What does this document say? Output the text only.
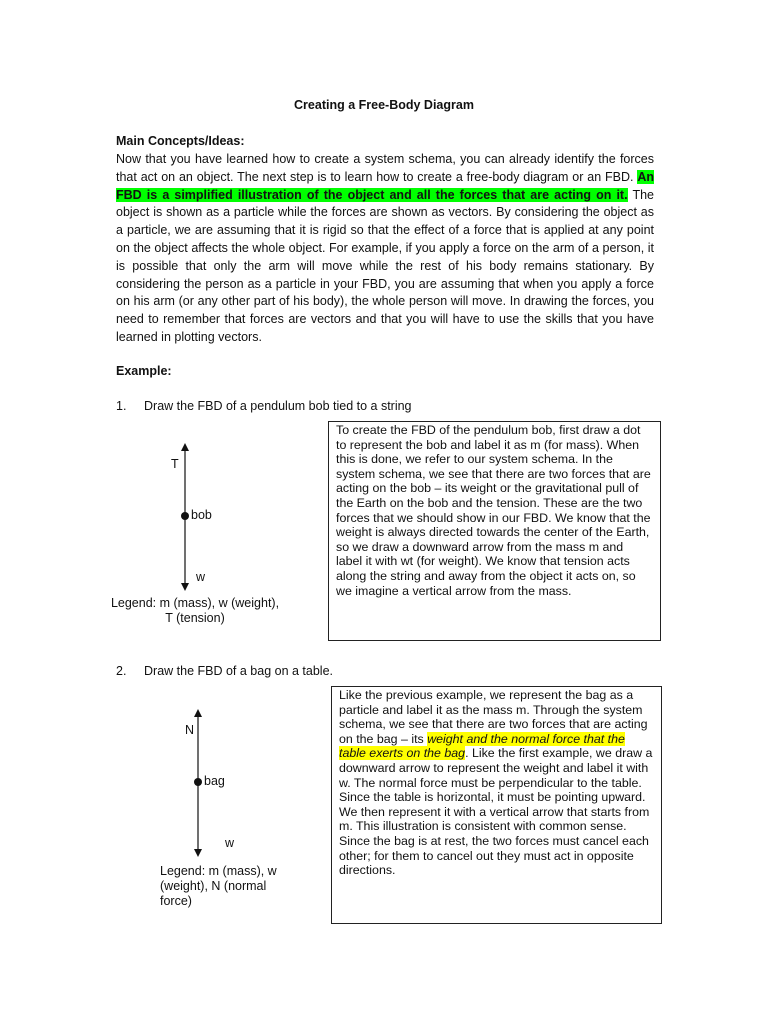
Creating a Free-Body Diagram
Main Concepts/Ideas:
Now that you have learned how to create a system schema, you can already identify the forces that act on an object. The next step is to learn how to create a free-body diagram or an FBD. An FBD is a simplified illustration of the object and all the forces that are acting on it. The object is shown as a particle while the forces are shown as vectors. By considering the object as a particle, we are assuming that it is rigid so that the effect of a force that is applied at any point on the object affects the whole object. For example, if you apply a force on the arm of a person, it is possible that only the arm will move while the rest of his body remains stationary. By considering the person as a particle in your FBD, you are assuming that when you apply a force on his arm (or any other part of his body), the whole person will move. In drawing the forces, you need to remember that forces are vectors and that you will have to use the skills that you have learned in plotting vectors.
Example:
1. Draw the FBD of a pendulum bob tied to a string
T
bob
w
Legend: m (mass), w (weight),
T (tension)
To create the FBD of the pendulum bob, first draw a dot to represent the bob and label it as m (for mass). When this is done, we refer to our system schema. In the system schema, we see that there are two forces that are acting on the bob – its weight or the gravitational pull of the Earth on the bob and the tension. These are the two forces that we should show in our FBD. We know that the weight is always directed towards the center of the Earth, so we draw a downward arrow from the mass m and label it with wt (for weight). We know that tension acts along the string and away from the object it acts on, so we imagine a vertical arrow from the mass.
2. Draw the FBD of a bag on a table.
N
bag
w
Legend: m (mass), w (weight), N (normal force)
Like the previous example, we represent the bag as a particle and label it as the mass m. Through the system schema, we see that there are two forces that are acting on the bag – its weight and the normal force that the table exerts on the bag. Like the first example, we draw a downward arrow to represent the weight and label it with w. The normal force must be perpendicular to the table. Since the table is horizontal, it must be pointing upward. We then represent it with a vertical arrow that starts from m. This illustration is consistent with common sense. Since the bag is at rest, the two forces must cancel each other; for them to cancel out they must act in opposite directions.
